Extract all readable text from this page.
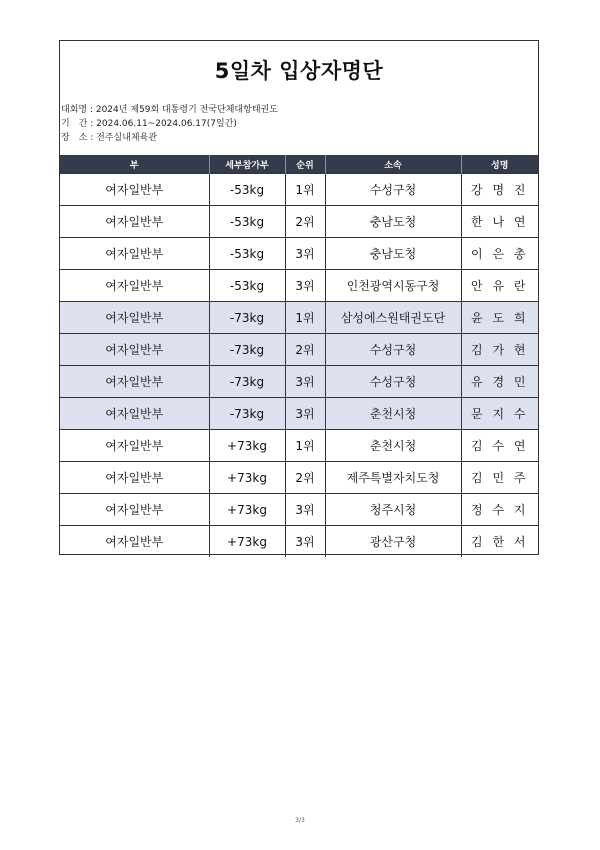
5일차 입상자명단
대회명 : 2024년 제59회 대통령기 전국단체대항태권도
기　간 : 2024.06.11~2024.06.17(7일간)
장　소 : 전주실내체육관
부	세부참가부	순위	소속	성명
여자일반부	-53kg	1위	수성구청	강 명 진
여자일반부	-53kg	2위	충남도청	한 나 연
여자일반부	-53kg	3위	충남도청	이 은 총
여자일반부	-53kg	3위	인천광역시동구청	안 유 란
여자일반부	-73kg	1위	삼성에스원태권도단	윤 도 희
여자일반부	-73kg	2위	수성구청	김 가 현
여자일반부	-73kg	3위	수성구청	유 경 민
여자일반부	-73kg	3위	춘천시청	문 지 수
여자일반부	+73kg	1위	춘천시청	김 수 연
여자일반부	+73kg	2위	제주특별자치도청	김 민 주
여자일반부	+73kg	3위	청주시청	정 수 지
여자일반부	+73kg	3위	광산구청	김 한 서
3/3
